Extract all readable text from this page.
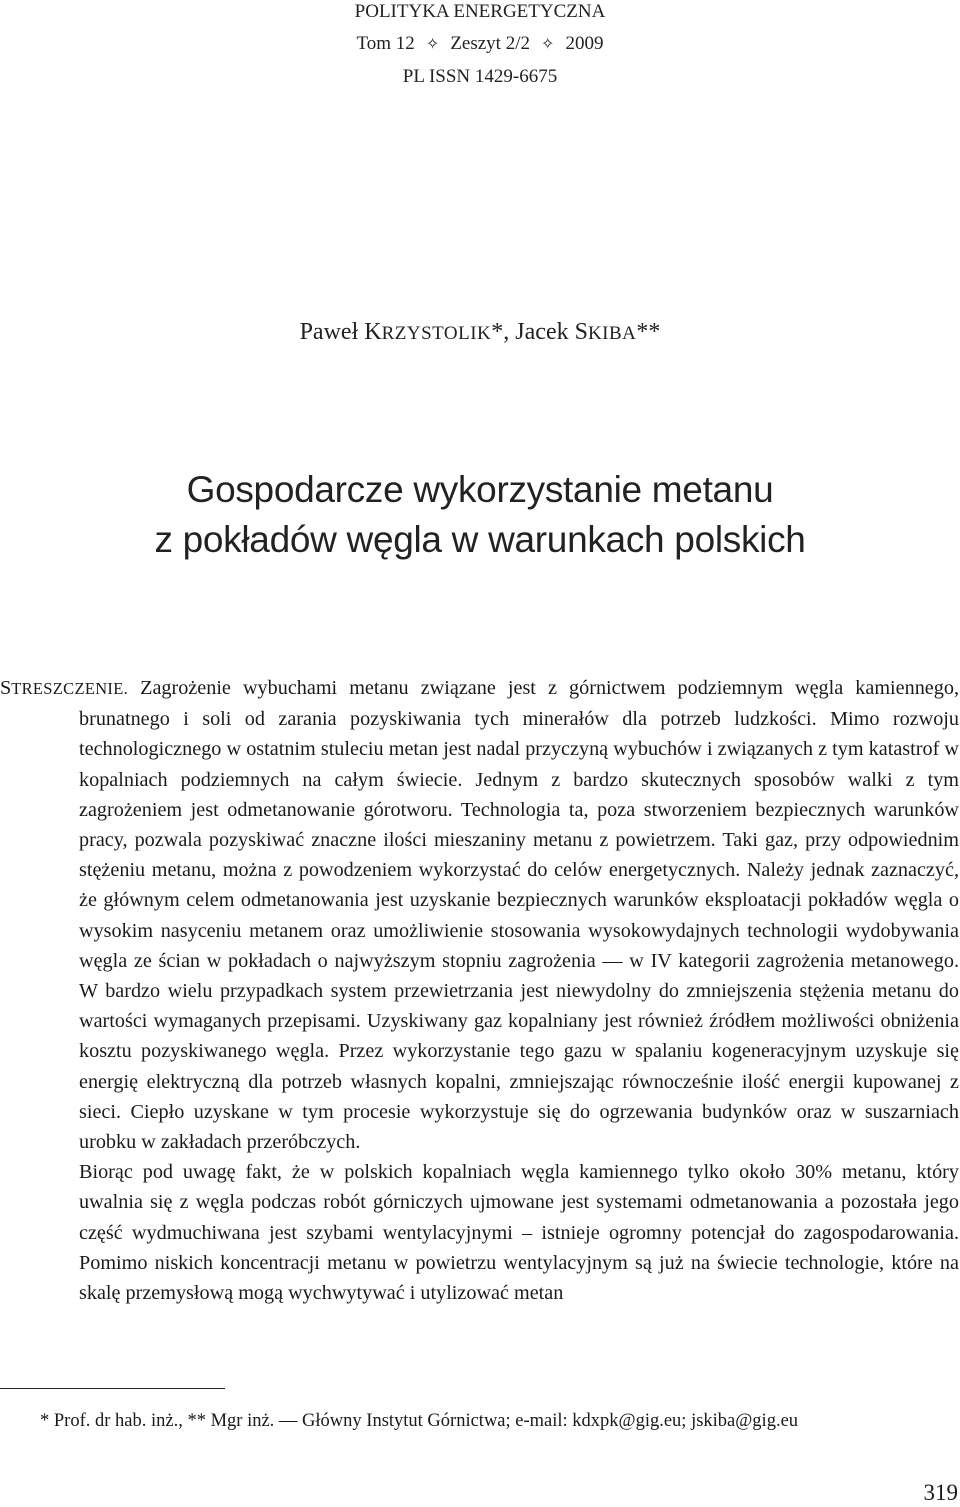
POLITYKA ENERGETYCZNA
Tom 12 ✧ Zeszyt 2/2 ✧ 2009
PL ISSN 1429-6675
Paweł KRZYSTOLIK*, Jacek SKIBA**
Gospodarcze wykorzystanie metanu
z pokładów węgla w warunkach polskich

STRESZCZENIE. Zagrożenie wybuchami metanu związane jest z górnictwem podziemnym węgla kamiennego, brunatnego i soli od zarania pozyskiwania tych minerałów dla potrzeb ludzkości. Mimo rozwoju technologicznego w ostatnim stuleciu metan jest nadal przyczyną wybuchów i związanych z tym katastrof w kopalniach podziemnych na całym świecie. Jednym z bardzo skutecznych sposobów walki z tym zagrożeniem jest odmetanowanie górotworu. Technologia ta, poza stworzeniem bezpiecznych warunków pracy, pozwala pozyskiwać znaczne ilości mieszaniny metanu z powietrzem. Taki gaz, przy odpowiednim stężeniu metanu, można z powodzeniem wykorzystać do celów energetycznych. Należy jednak zaznaczyć, że głównym celem odmetanowania jest uzyskanie bezpiecznych warunków eksploatacji pokładów węgla o wysokim nasyceniu metanem oraz umożliwienie stosowania wysokowydajnych technologii wydobywania węgla ze ścian w pokładach o najwyższym stopniu zagrożenia — w IV kategorii zagrożenia metanowego. W bardzo wielu przypadkach system przewietrzania jest niewydolny do zmniejszenia stężenia metanu do wartości wymaganych przepisami. Uzyskiwany gaz kopalniany jest również źródłem możliwości obniżenia kosztu pozyskiwanego węgla. Przez wykorzystanie tego gazu w spalaniu kogeneracyjnym uzyskuje się energię elektryczną dla potrzeb własnych kopalni, zmniejszając równocześnie ilość energii kupowanej z sieci. Ciepło uzyskane w tym procesie wykorzystuje się do ogrzewania budynków oraz w suszarniach urobku w zakładach przeróbczych.

Biorąc pod uwagę fakt, że w polskich kopalniach węgla kamiennego tylko około 30% metanu, który uwalnia się z węgla podczas robót górniczych ujmowane jest systemami odmetanowania a pozostała jego część wydmuchiwana jest szybami wentylacyjnymi – istnieje ogromny potencjał do zagospodarowania. Pomimo niskich koncentracji metanu w powietrzu wentylacyjnym są już na świecie technologie, które na skalę przemysłową mogą wychwytywać i utylizować metan

* Prof. dr hab. inż., ** Mgr inż. — Główny Instytut Górnictwa; e-mail: kdxpk@gig.eu; jskiba@gig.eu
319
